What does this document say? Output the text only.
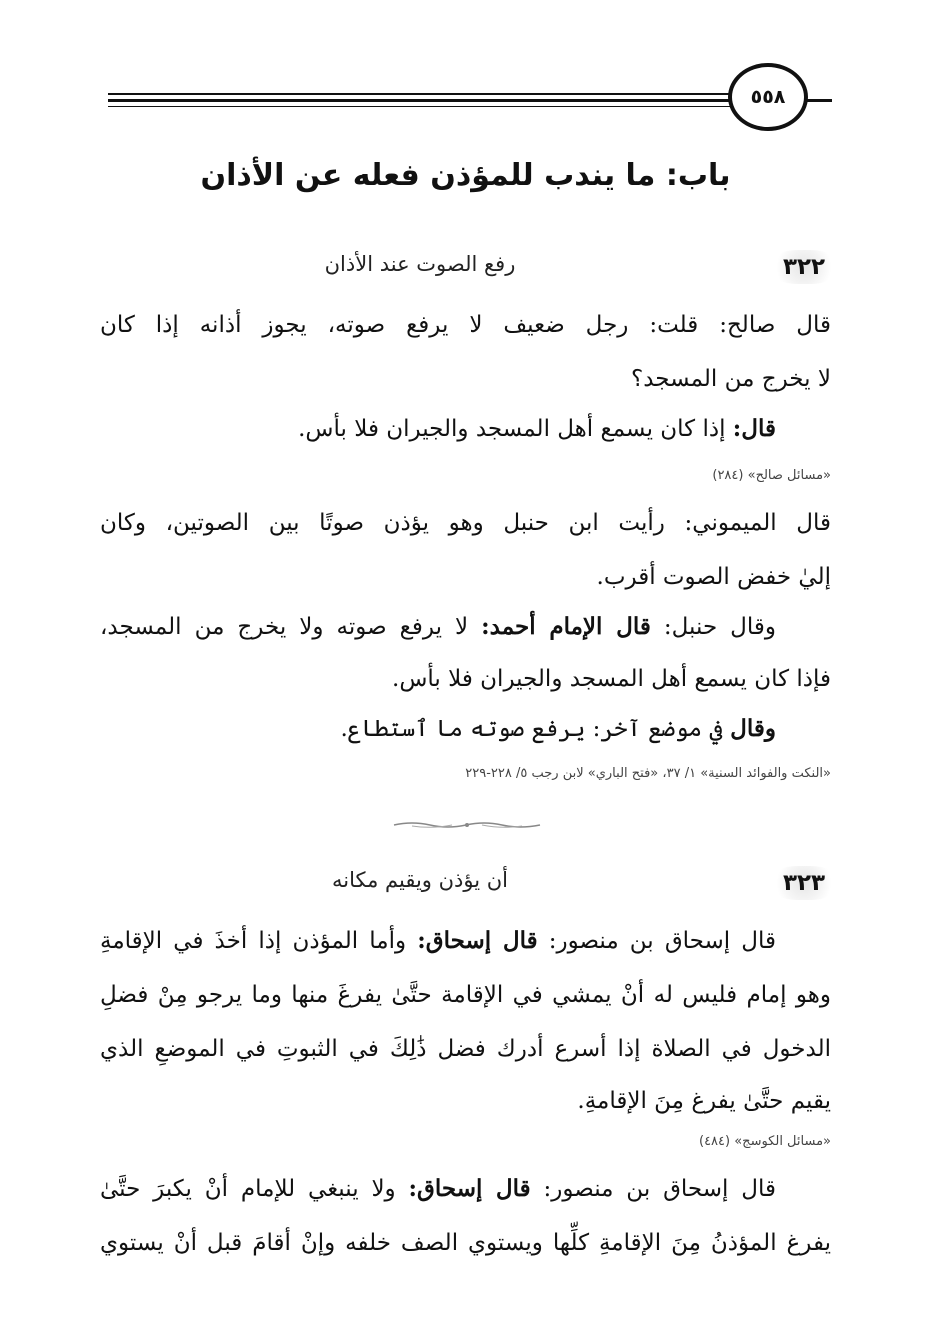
٥٥٨
باب: ما يندب للمؤذن فعله عن الأذان
٣٢٢
رفع الصوت عند الأذان
قال صالح: قلت: رجل ضعيف لا يرفع صوته، يجوز أذانه إذا كان
لا يخرج من المسجد؟
قال: إذا كان يسمع أهل المسجد والجيران فلا بأس.
«مسائل صالح» (٢٨٤)
قال الميموني: رأيت ابن حنبل وهو يؤذن صوتًا بين الصوتين، وكان
إليٰ خفض الصوت أقرب.
وقال حنبل: قال الإمام أحمد: لا يرفع صوته ولا يخرج من المسجد،
فإذا كان يسمع أهل المسجد والجيران فلا بأس.
وقال في موضع آخر: يرفع صوته ما ٱستطاع.
«النكت والفوائد السنية» ١/ ٣٧، «فتح الباري» لابن رجب ٥/ ٢٢٨-٢٢٩
٣٢٣
أن يؤذن ويقيم مكانه
قال إسحاق بن منصور: قال إسحاق: وأما المؤذن إذا أخذَ في الإقامةِ
وهو إمام فليس له أنْ يمشي في الإقامة حتَّىٰ يفرغَ منها وما يرجو مِنْ فضلِ
الدخول في الصلاة إذا أسرع أدرك فضل ذَٰلِكَ في الثبوتِ في الموضعِ الذي
يقيم حتَّىٰ يفرغ مِنَ الإقامةِ.
«مسائل الكوسج» (٤٨٤)
قال إسحاق بن منصور: قال إسحاق: ولا ينبغي للإمام أنْ يكبرَ حتَّىٰ
يفرغ المؤذنُ مِنَ الإقامةِ كلِّها ويستوي الصف خلفه وإنْ أقامَ قبل أنْ يستوي
